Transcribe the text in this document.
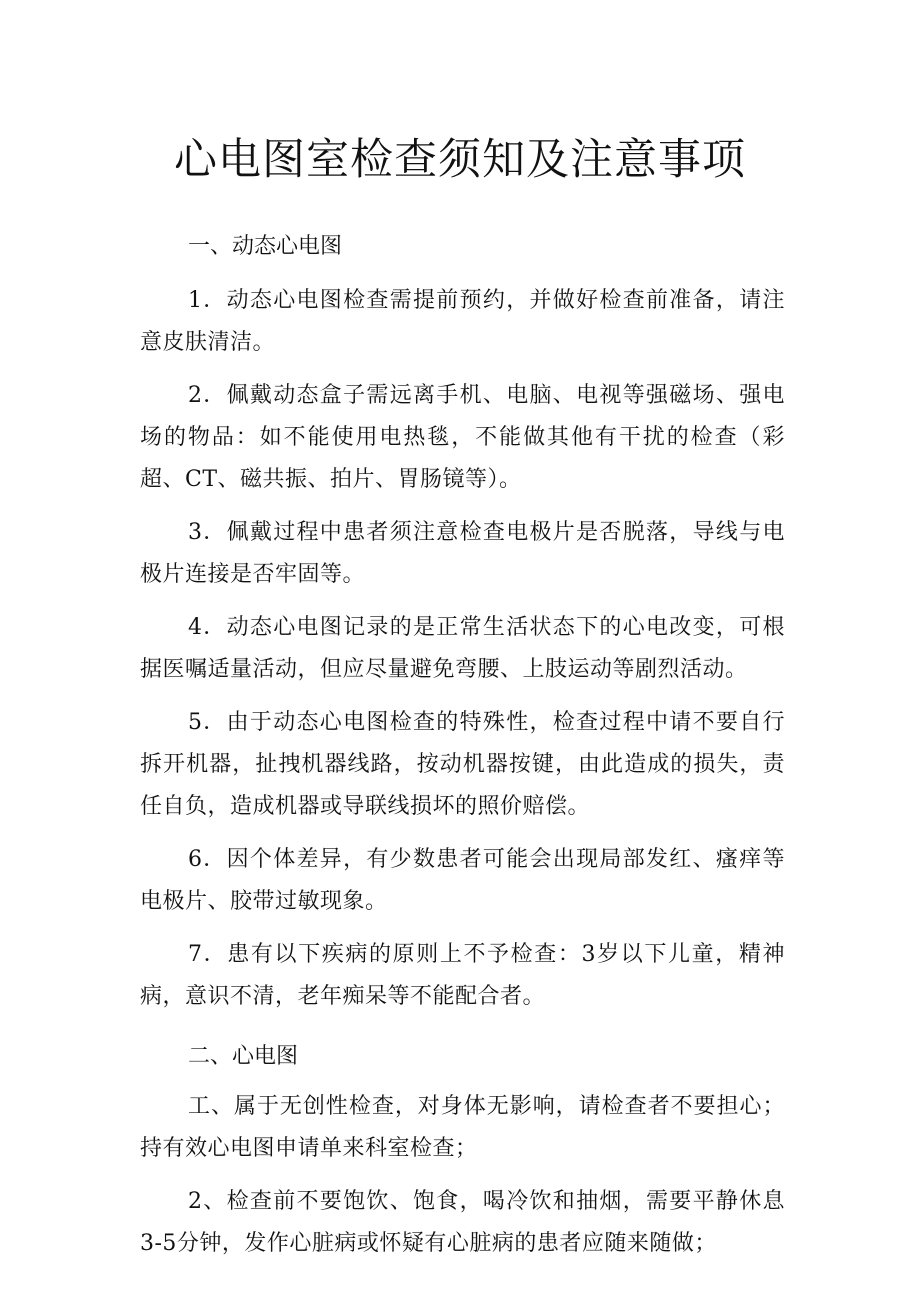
心电图室检查须知及注意事项
一、动态心电图

1．动态心电图检查需提前预约，并做好检查前准备，请注意皮肤清洁。

2．佩戴动态盒子需远离手机、电脑、电视等强磁场、强电场的物品：如不能使用电热毯，不能做其他有干扰的检查（彩超、CT、磁共振、拍片、胃肠镜等）。

3．佩戴过程中患者须注意检查电极片是否脱落，导线与电极片连接是否牢固等。

4．动态心电图记录的是正常生活状态下的心电改变，可根据医嘱适量活动，但应尽量避免弯腰、上肢运动等剧烈活动。

5．由于动态心电图检查的特殊性，检查过程中请不要自行拆开机器，扯拽机器线路，按动机器按键，由此造成的损失，责任自负，造成机器或导联线损坏的照价赔偿。

6．因个体差异，有少数患者可能会出现局部发红、瘙痒等电极片、胶带过敏现象。

7．患有以下疾病的原则上不予检查：3岁以下儿童，精神病，意识不清，老年痴呆等不能配合者。

二、心电图

工、属于无创性检查，对身体无影响，请检查者不要担心；持有效心电图申请单来科室检查；

2、检查前不要饱饮、饱食，喝冷饮和抽烟，需要平静休息3-5分钟，发作心脏病或怀疑有心脏病的患者应随来随做；
